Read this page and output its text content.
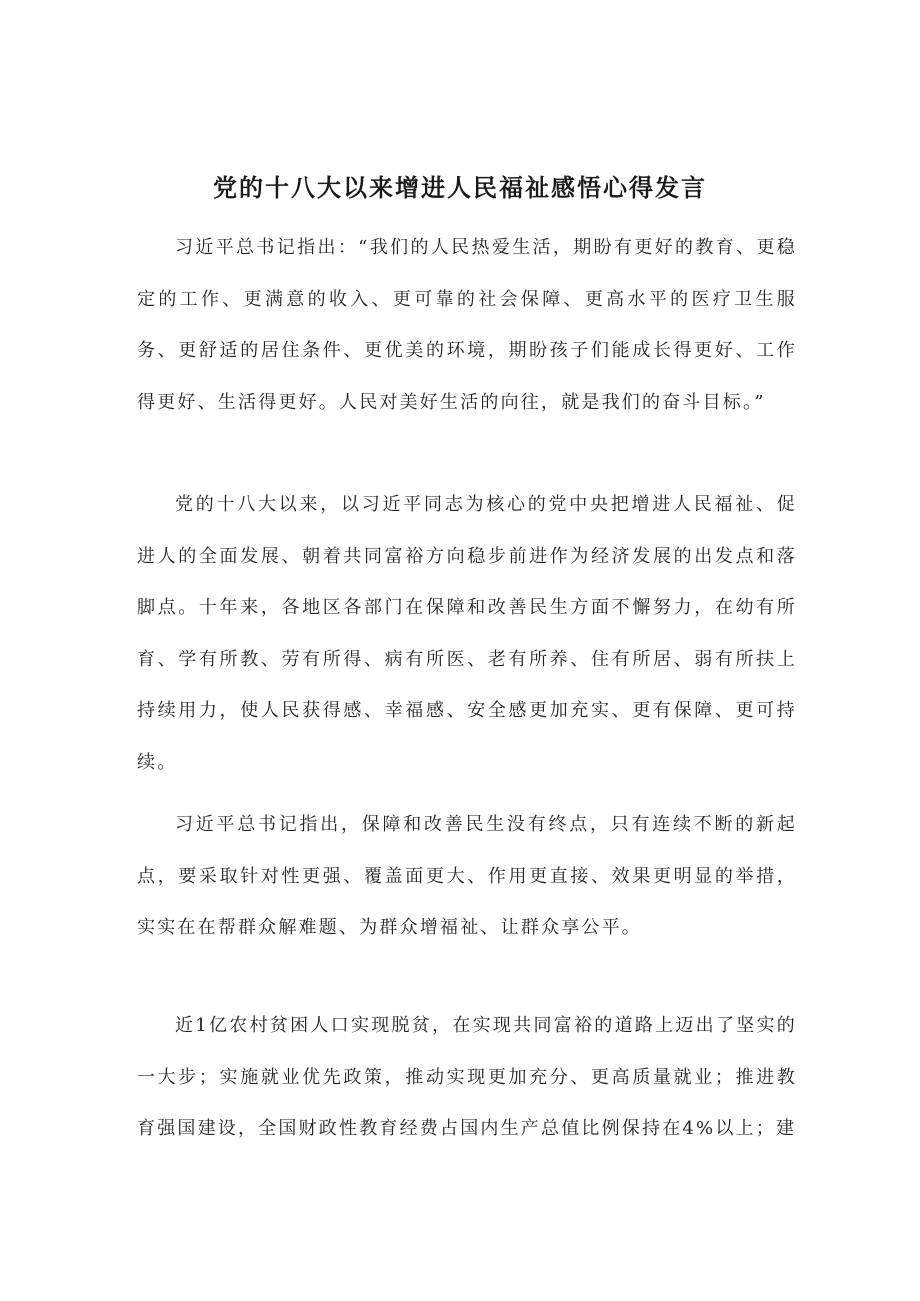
党的十八大以来增进人民福祉感悟心得发言

习近平总书记指出：“我们的人民热爱生活，期盼有更好的教育、更稳定的工作、更满意的收入、更可靠的社会保障、更高水平的医疗卫生服务、更舒适的居住条件、更优美的环境，期盼孩子们能成长得更好、工作得更好、生活得更好。人民对美好生活的向往，就是我们的奋斗目标。”

党的十八大以来，以习近平同志为核心的党中央把增进人民福祉、促进人的全面发展、朝着共同富裕方向稳步前进作为经济发展的出发点和落脚点。十年来，各地区各部门在保障和改善民生方面不懈努力，在幼有所育、学有所教、劳有所得、病有所医、老有所养、住有所居、弱有所扶上持续用力，使人民获得感、幸福感、安全感更加充实、更有保障、更可持续。

习近平总书记指出，保障和改善民生没有终点，只有连续不断的新起点，要采取针对性更强、覆盖面更大、作用更直接、效果更明显的举措，实实在在帮群众解难题、为群众增福祉、让群众享公平。

近1亿农村贫困人口实现脱贫，在实现共同富裕的道路上迈出了坚实的一大步；实施就业优先政策，推动实现更加充分、更高质量就业；推进教育强国建设，全国财政性教育经费占国内生产总值比例保持在4%以上；建
